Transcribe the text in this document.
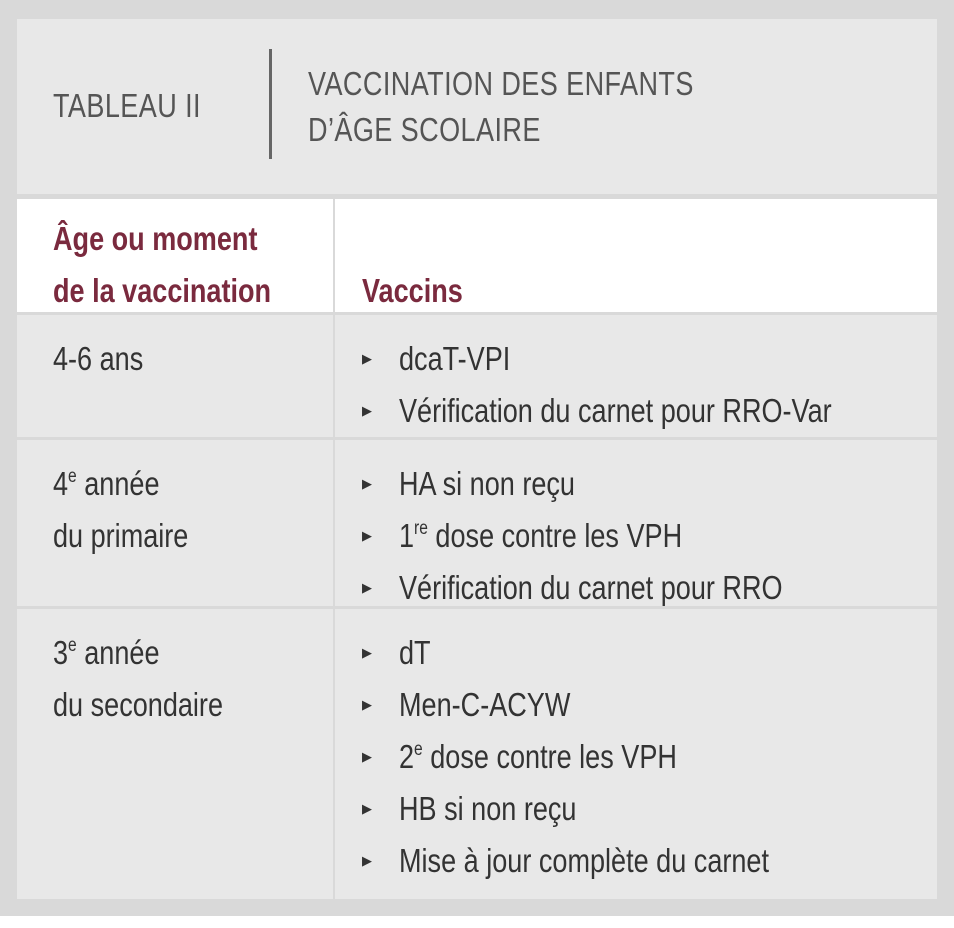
TABLEAU II
VACCINATION DES ENFANTS
D’ÂGE SCOLAIRE
Âge ou moment
de la vaccination	Vaccins
4-6 ans	▶ dcaT-VPI
▶ Vérification du carnet pour RRO-Var
4e année
du primaire
▶ HA si non reçu
▶ 1re dose contre les VPH
▶ Vérification du carnet pour RRO
3e année
du secondaire
▶ dT
▶ Men-C-ACYW
▶ 2e dose contre les VPH
▶ HB si non reçu
▶ Mise à jour complète du carnet
